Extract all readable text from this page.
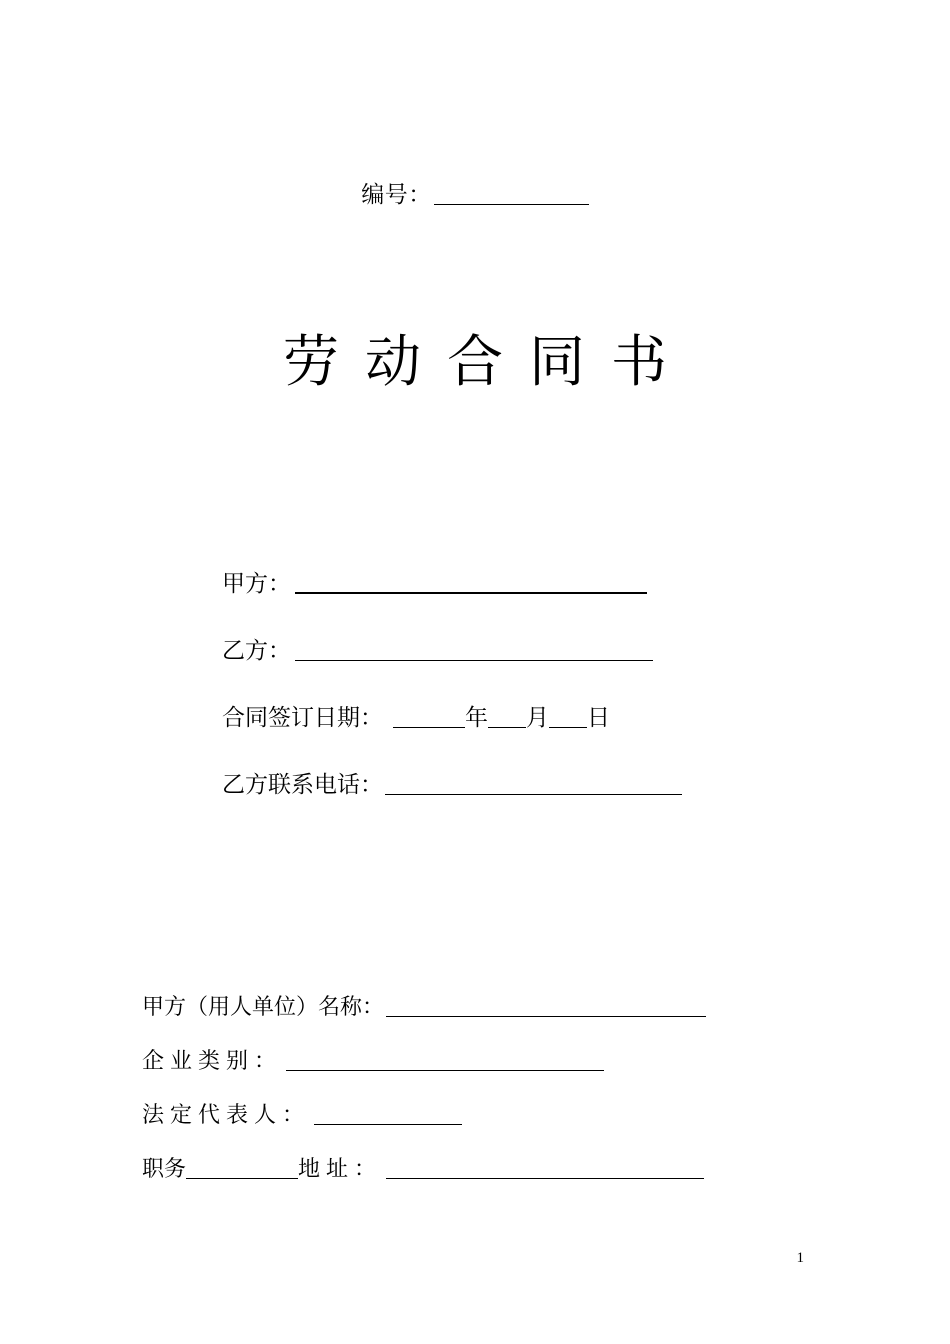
编号：
劳动合同书
甲方：
乙方：
合同签订日期：	年 月 日
乙方联系电话：
甲方（用人单位）名称：
企业类别：
法定代表人：
职务	地址：
1
